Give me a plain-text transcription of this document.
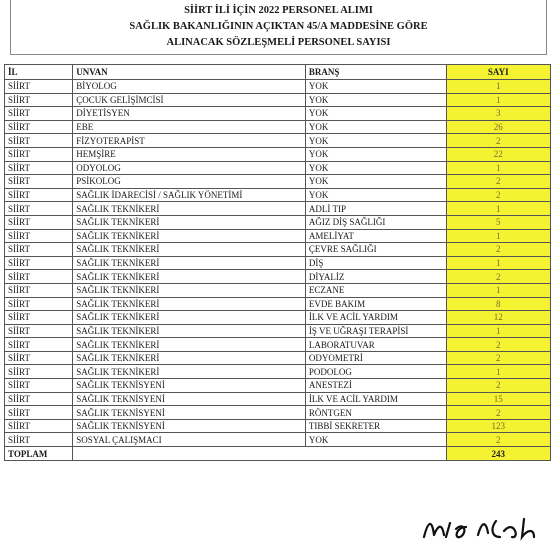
SİİRT İLİ İÇİN 2022 PERSONEL ALIMI
SAĞLIK BAKANLIĞININ AÇIKTAN 45/A MADDESİNE GÖRE
ALINACAK SÖZLEŞMELİ PERSONEL SAYISI
İL	UNVAN	BRANŞ	SAYI
SİİRT	BİYOLOG	YOK	1
SİİRT	ÇOCUK GELİŞİMCİSİ	YOK	1
SİİRT	DİYETİSYEN	YOK	3
SİİRT	EBE	YOK	26
SİİRT	FİZYOTERAPİST	YOK	2
SİİRT	HEMŞİRE	YOK	22
SİİRT	ODYOLOG	YOK	1
SİİRT	PSİKOLOG	YOK	2
SİİRT	SAĞLIK İDARECİSİ / SAĞLIK YÖNETİMİ	YOK	2
SİİRT	SAĞLIK TEKNİKERİ	ADLİ TIP	1
SİİRT	SAĞLIK TEKNİKERİ	AĞIZ DİŞ SAĞLIĞI	5
SİİRT	SAĞLIK TEKNİKERİ	AMELİYAT	1
SİİRT	SAĞLIK TEKNİKERİ	ÇEVRE SAĞLIĞI	2
SİİRT	SAĞLIK TEKNİKERİ	DİŞ	1
SİİRT	SAĞLIK TEKNİKERİ	DİYALİZ	2
SİİRT	SAĞLIK TEKNİKERİ	ECZANE	1
SİİRT	SAĞLIK TEKNİKERİ	EVDE BAKIM	8
SİİRT	SAĞLIK TEKNİKERİ	İLK VE ACİL YARDIM	12
SİİRT	SAĞLIK TEKNİKERİ	İŞ VE UĞRAŞI TERAPİSİ	1
SİİRT	SAĞLIK TEKNİKERİ	LABORATUVAR	2
SİİRT	SAĞLIK TEKNİKERİ	ODYOMETRİ	2
SİİRT	SAĞLIK TEKNİKERİ	PODOLOG	1
SİİRT	SAĞLIK TEKNİSYENİ	ANESTEZİ	2
SİİRT	SAĞLIK TEKNİSYENİ	İLK VE ACİL YARDIM	15
SİİRT	SAĞLIK TEKNİSYENİ	RÖNTGEN	2
SİİRT	SAĞLIK TEKNİSYENİ	TIBBİ SEKRETER	123
SİİRT	SOSYAL ÇALIŞMACI	YOK	2
TOPLAM			243
